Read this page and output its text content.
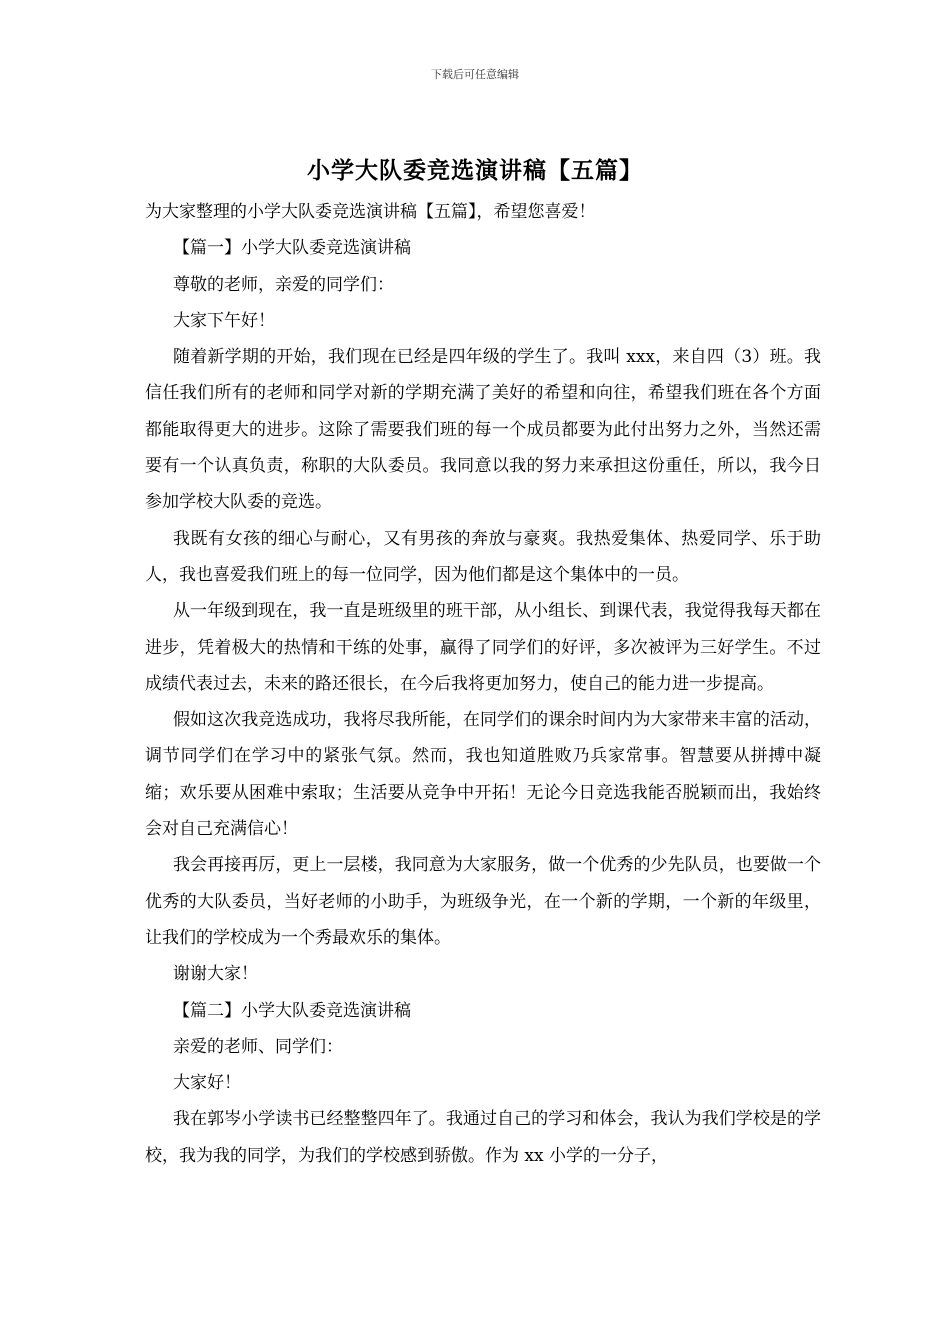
下载后可任意编辑
小学大队委竞选演讲稿【五篇】

为大家整理的小学大队委竞选演讲稿【五篇】，希望您喜爱！

【篇一】小学大队委竞选演讲稿

尊敬的老师，亲爱的同学们：

大家下午好！

随着新学期的开始，我们现在已经是四年级的学生了。我叫 xxx，来自四（3）班。我信任我们所有的老师和同学对新的学期充满了美好的希望和向往，希望我们班在各个方面都能取得更大的进步。这除了需要我们班的每一个成员都要为此付出努力之外，当然还需要有一个认真负责，称职的大队委员。我同意以我的努力来承担这份重任，所以，我今日参加学校大队委的竞选。

我既有女孩的细心与耐心，又有男孩的奔放与豪爽。我热爱集体、热爱同学、乐于助人，我也喜爱我们班上的每一位同学，因为他们都是这个集体中的一员。

从一年级到现在，我一直是班级里的班干部，从小组长、到课代表，我觉得我每天都在进步，凭着极大的热情和干练的处事，赢得了同学们的好评，多次被评为三好学生。不过成绩代表过去，未来的路还很长，在今后我将更加努力，使自己的能力进一步提高。

假如这次我竞选成功，我将尽我所能，在同学们的课余时间内为大家带来丰富的活动，调节同学们在学习中的紧张气氛。然而，我也知道胜败乃兵家常事。智慧要从拼搏中凝缩；欢乐要从困难中索取；生活要从竞争中开拓！无论今日竞选我能否脱颖而出，我始终会对自己充满信心！

我会再接再厉，更上一层楼，我同意为大家服务，做一个优秀的少先队员，也要做一个优秀的大队委员，当好老师的小助手，为班级争光，在一个新的学期，一个新的年级里，让我们的学校成为一个秀最欢乐的集体。

谢谢大家！

【篇二】小学大队委竞选演讲稿

亲爱的老师、同学们：

大家好！

我在郭岑小学读书已经整整四年了。我通过自己的学习和体会，我认为我们学校是的学校，我为我的同学，为我们的学校感到骄傲。作为 xx 小学的一分子，
